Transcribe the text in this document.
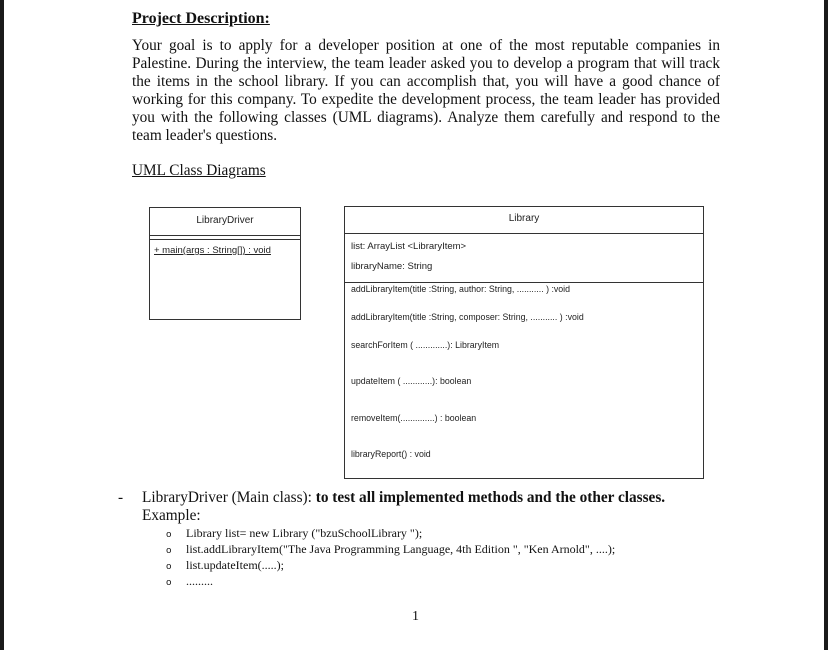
Project Description:

Your goal is to apply for a developer position at one of the most reputable companies in Palestine. During the interview, the team leader asked you to develop a program that will track the items in the school library. If you can accomplish that, you will have a good chance of working for this company. To expedite the development process, the team leader has provided you with the following classes (UML diagrams). Analyze them carefully and respond to the team leader's questions.

UML Class Diagrams
LibraryDriver
+ main(args : String[]) : void
Library
list: ArrayList <LibraryItem>
libraryName: String
addLibraryItem(title :String, author: String, ........... ) :void
addLibraryItem(title :String, composer: String, ........... ) :void
searchForItem ( .............): LibraryItem
updateItem ( ............): boolean
removeItem(..............) : boolean
libraryReport() : void
- LibraryDriver (Main class): to test all implemented methods and the other classes.
Example:
o Library list= new Library ("bzuSchoolLibrary ");
o list.addLibraryItem("The Java Programming Language, 4th Edition ", "Ken Arnold", ....);
o list.updateItem(.....);
o .........
1
